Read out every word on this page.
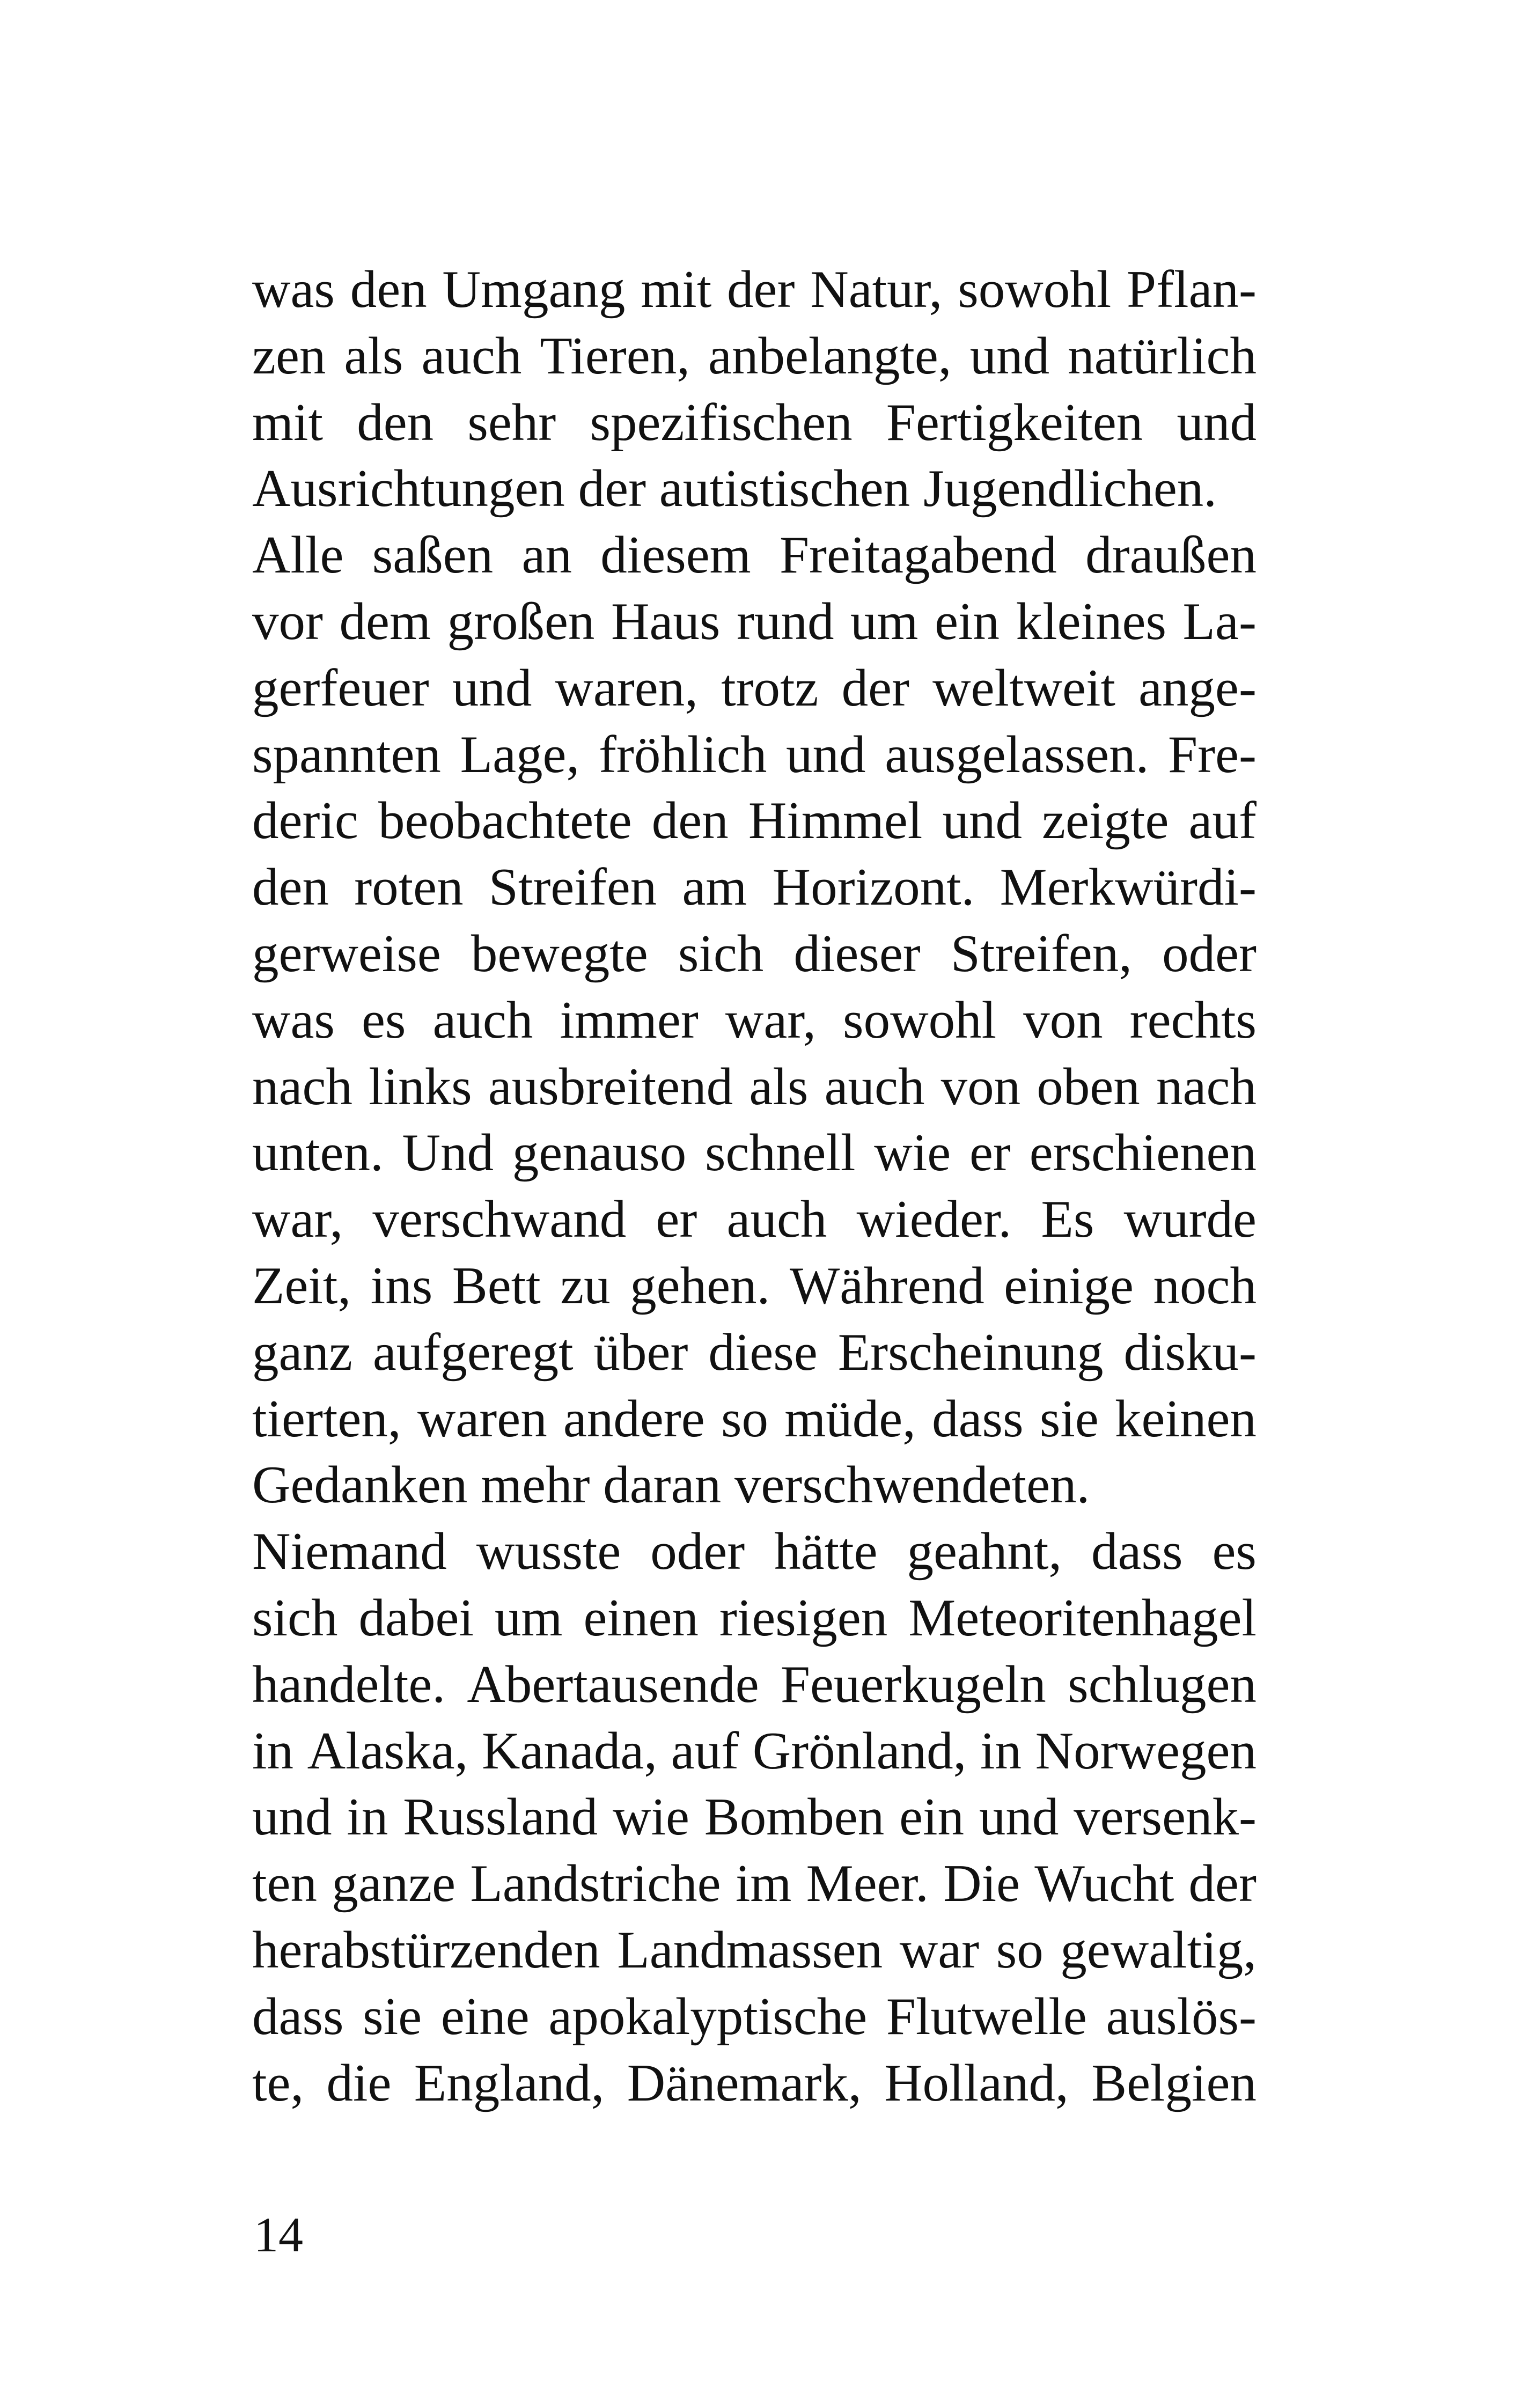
was den Umgang mit der Natur, sowohl Pflan-
zen als auch Tieren, anbelangte, und natürlich
mit den sehr spezifischen Fertigkeiten und
Ausrichtungen der autistischen Jugendlichen.
Alle saßen an diesem Freitagabend draußen
vor dem großen Haus rund um ein kleines La-
gerfeuer und waren, trotz der weltweit ange-
spannten Lage, fröhlich und ausgelassen. Fre-
deric beobachtete den Himmel und zeigte auf
den roten Streifen am Horizont. Merkwürdi-
gerweise bewegte sich dieser Streifen, oder
was es auch immer war, sowohl von rechts
nach links ausbreitend als auch von oben nach
unten. Und genauso schnell wie er erschienen
war, verschwand er auch wieder. Es wurde
Zeit, ins Bett zu gehen. Während einige noch
ganz aufgeregt über diese Erscheinung disku-
tierten, waren andere so müde, dass sie keinen
Gedanken mehr daran verschwendeten.
Niemand wusste oder hätte geahnt, dass es
sich dabei um einen riesigen Meteoritenhagel
handelte. Abertausende Feuerkugeln schlugen
in Alaska, Kanada, auf Grönland, in Norwegen
und in Russland wie Bomben ein und versenk-
ten ganze Landstriche im Meer. Die Wucht der
herabstürzenden Landmassen war so gewaltig,
dass sie eine apokalyptische Flutwelle auslös-
te, die England, Dänemark, Holland, Belgien
14
